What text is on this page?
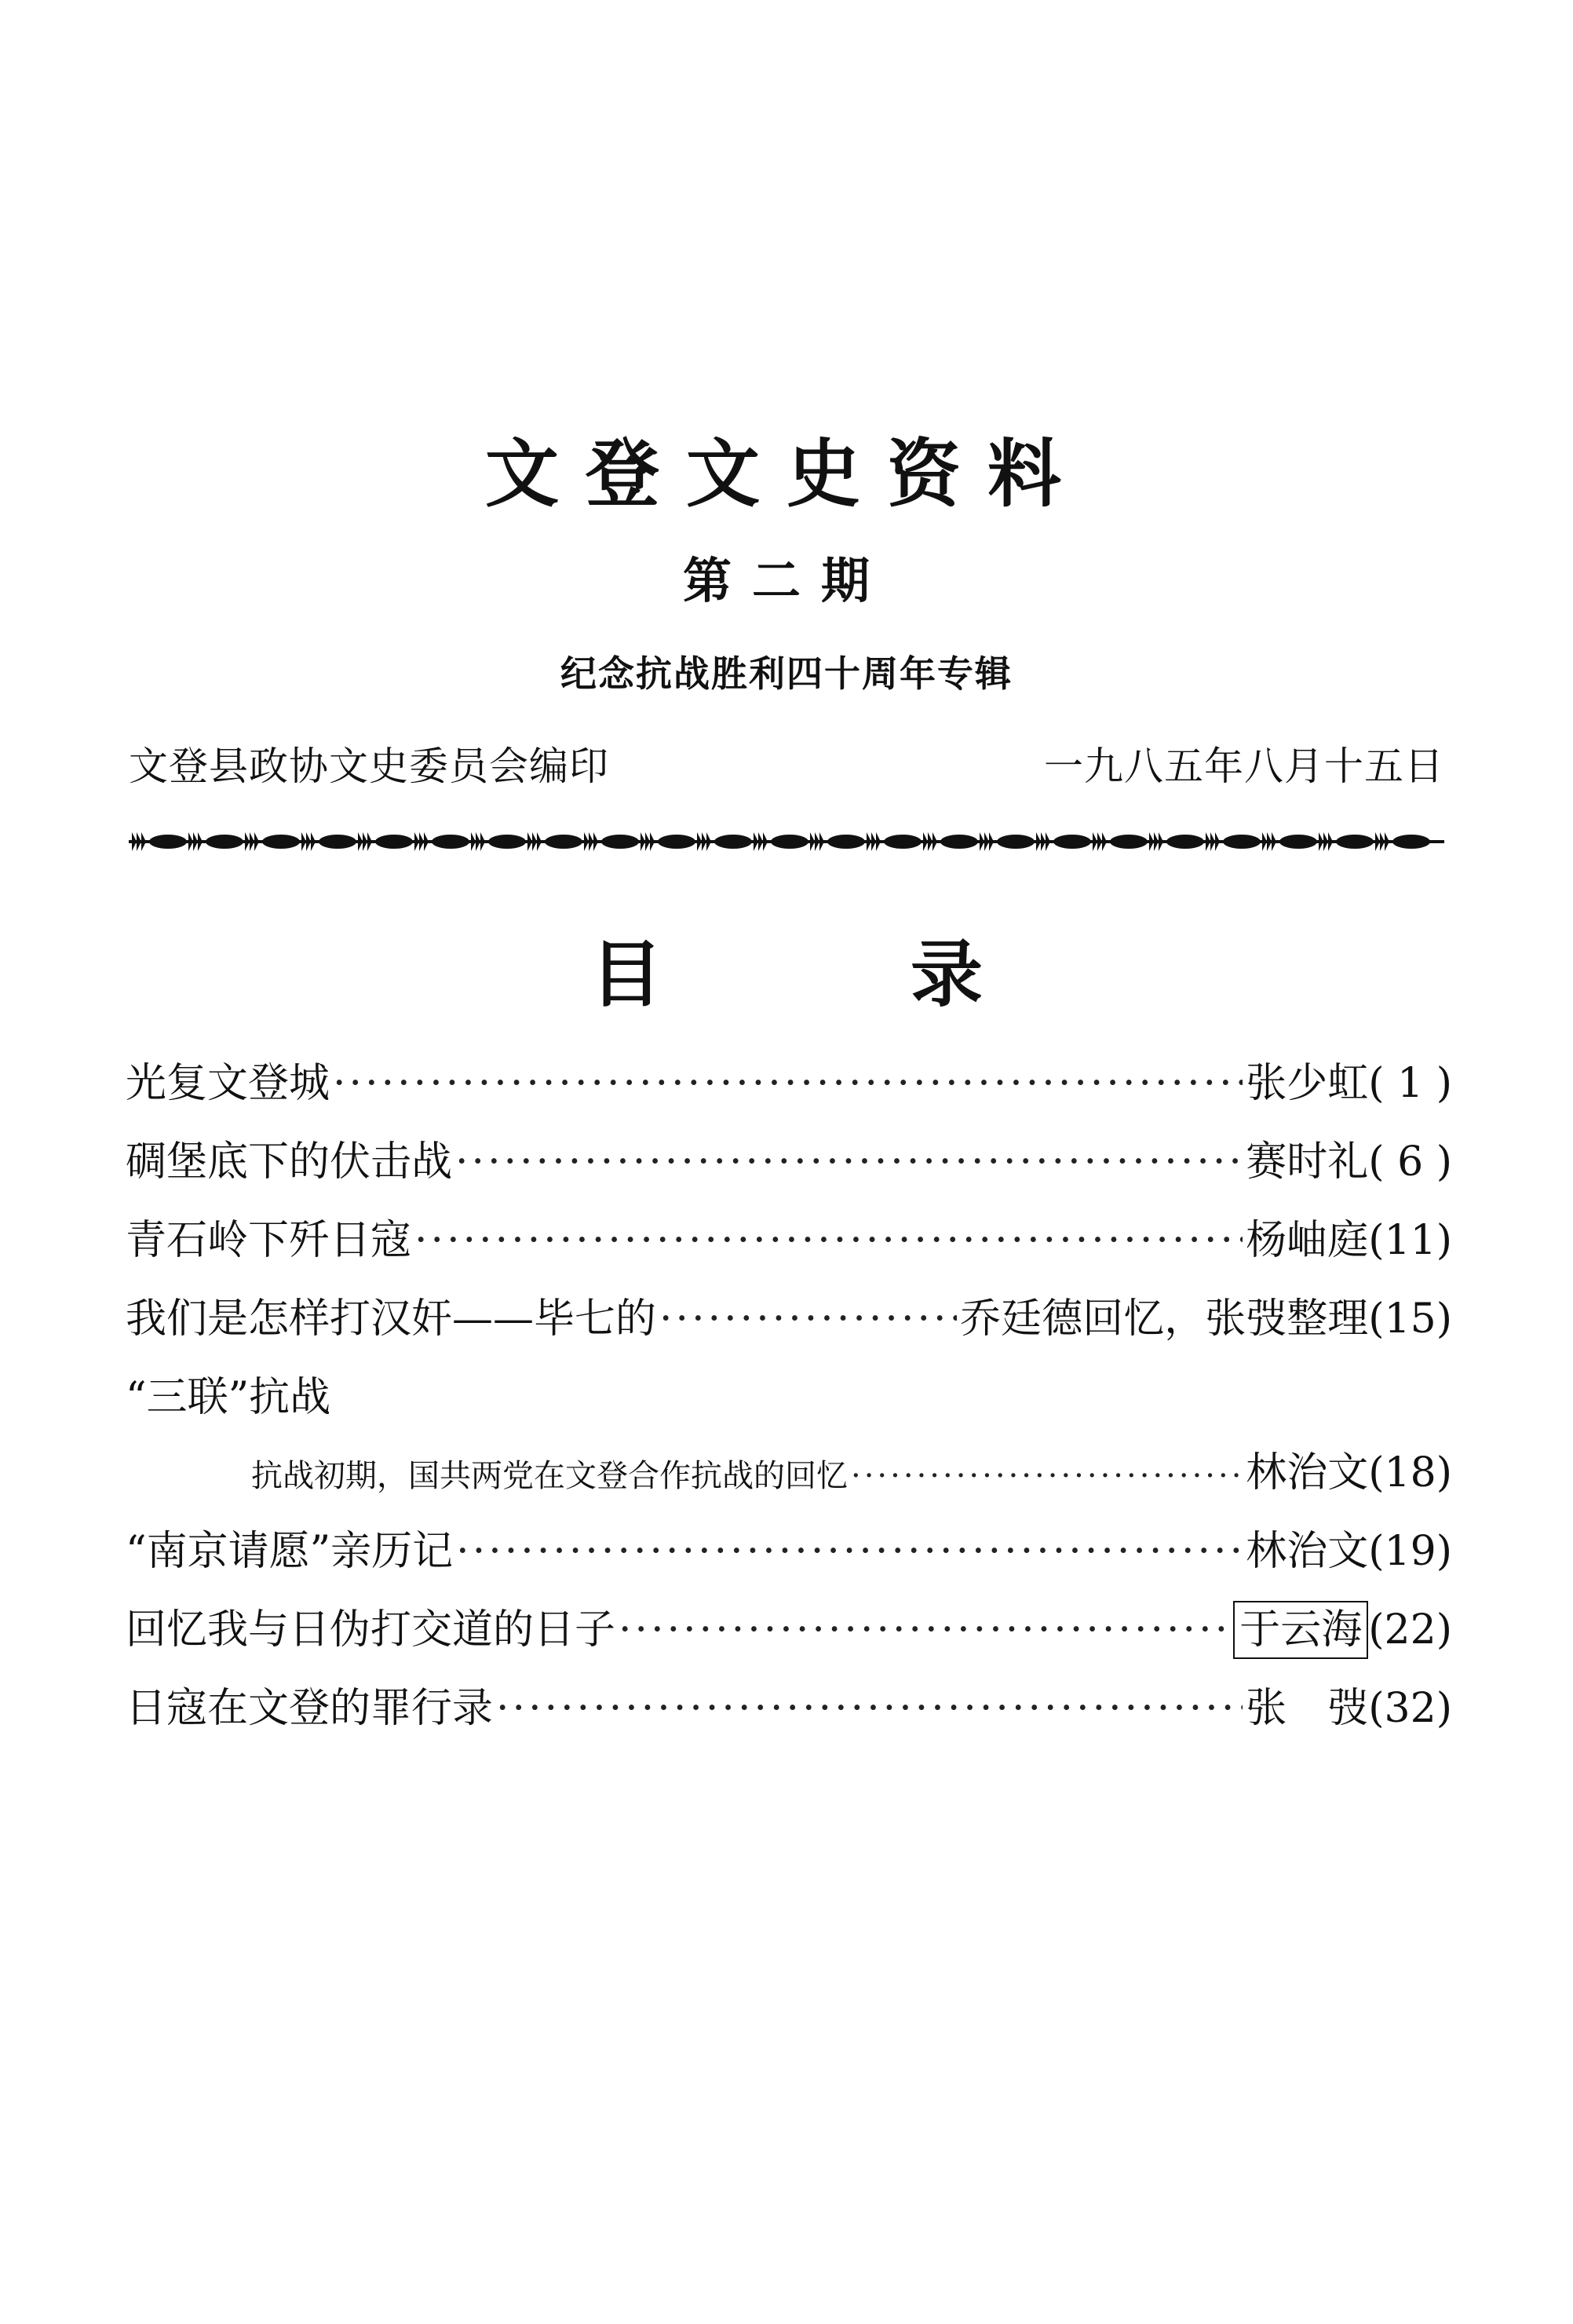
文登文史资料
第二期
纪念抗战胜利四十周年专辑
文登县政协文史委员会编印	一九八五年八月十五日
目	录
光复文登城 ·····	张少虹 ( 1 )
碉堡底下的伏击战 ·····	赛时礼 ( 6 )
青石岭下歼日寇 ·····	杨岫庭 (11)
我们是怎样打汉奸——毕七的 ·····	乔廷德回忆，张弢整理 (15)
“三联”抗战
抗战初期，国共两党在文登合作抗战的回忆 ·····	林治文 (18)
“南京请愿”亲历记 ·····	林治文 (19)
回忆我与日伪打交道的日子 ·····	于云海 (22)
日寇在文登的罪行录 ·····	张　弢 (32)
